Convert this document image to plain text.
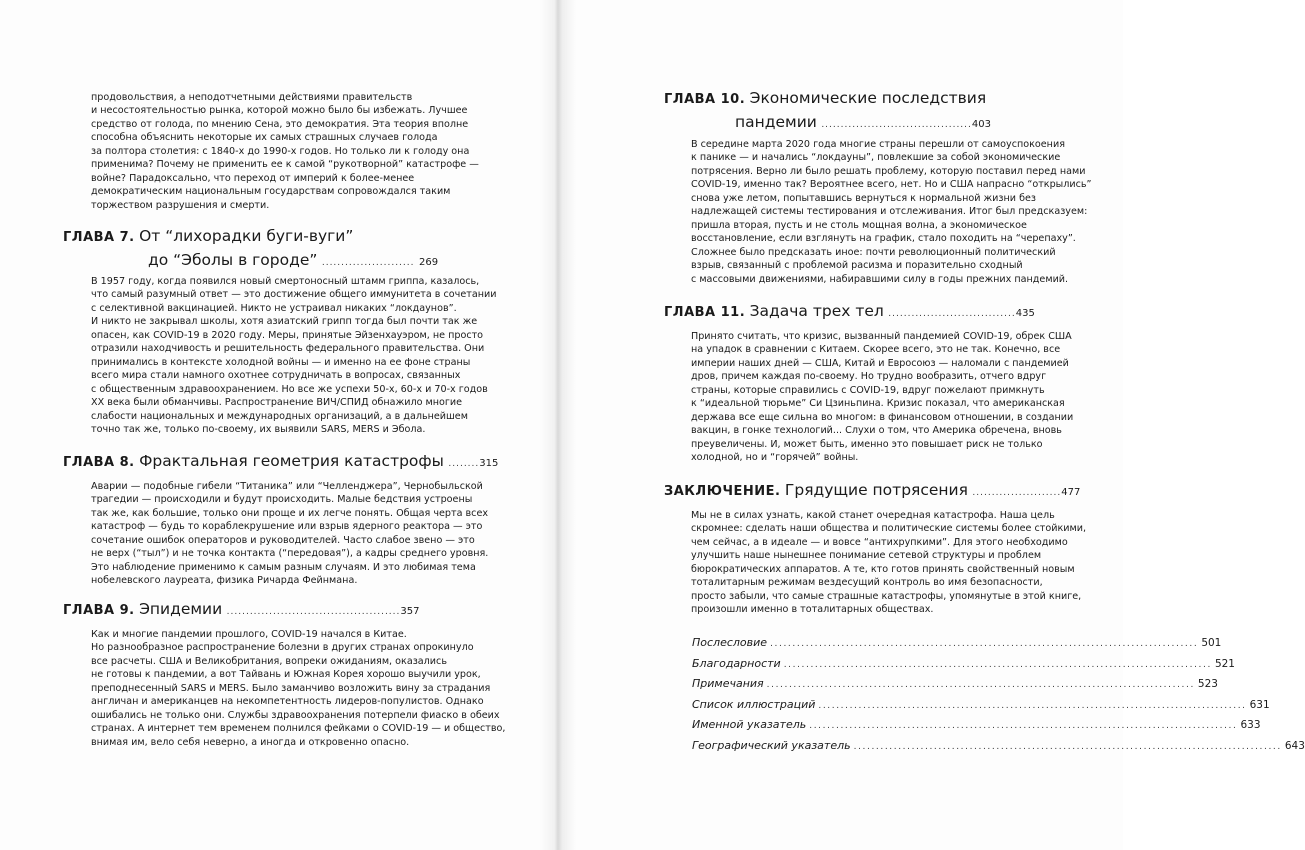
продовольствия, а неподотчетными действиями правительств
и несостоятельностью рынка, которой можно было бы избежать. Лучшее
средство от голода, по мнению Сена, это демократия. Эта теория вполне
способна объяснить некоторые их самых страшных случаев голода
за полтора столетия: с 1840-х до 1990-х годов. Но только ли к голоду она
применима? Почему не применить ее к самой “рукотворной” катастрофе —
войне? Парадоксально, что переход от империй к более-менее
демократическим национальным государствам сопровождался таким
торжеством разрушения и смерти.
ГЛАВА 7. От “лихорадки буги-вуги”
до “Эболы в городе” ........................ 269
В 1957 году, когда появился новый смертоносный штамм гриппа, казалось,
что самый разумный ответ — это достижение общего иммунитета в сочетании
с селективной вакцинацией. Никто не устраивал никаких “локдаунов”.
И никто не закрывал школы, хотя азиатский грипп тогда был почти так же
опасен, как COVID-19 в 2020 году. Меры, принятые Эйзенхауэром, не просто
отразили находчивость и решительность федерального правительства. Они
принимались в контексте холодной войны — и именно на ее фоне страны
всего мира стали намного охотнее сотрудничать в вопросах, связанных
с общественным здравоохранением. Но все же успехи 50-х, 60-х и 70-х годов
XX века были обманчивы. Распространение ВИЧ/СПИД обнажило многие
слабости национальных и международных организаций, а в дальнейшем
точно так же, только по-своему, их выявили SARS, MERS и Эбола.
ГЛАВА 8. Фрактальная геометрия катастрофы ........315
Аварии — подобные гибели “Титаника” или “Челленджера”, Чернобыльской
трагедии — происходили и будут происходить. Малые бедствия устроены
так же, как большие, только они проще и их легче понять. Общая черта всех
катастроф — будь то кораблекрушение или взрыв ядерного реактора — это
сочетание ошибок операторов и руководителей. Часто слабое звено — это
не верх (“тыл”) и не точка контакта (“передовая”), а кадры среднего уровня.
Это наблюдение применимо к самым разным случаям. И это любимая тема
нобелевского лауреата, физика Ричарда Фейнмана.
ГЛАВА 9. Эпидемии .............................................357
Как и многие пандемии прошлого, COVID-19 начался в Китае.
Но разнообразное распространение болезни в других странах опрокинуло
все расчеты. США и Великобритания, вопреки ожиданиям, оказались
не готовы к пандемии, а вот Тайвань и Южная Корея хорошо выучили урок,
преподнесенный SARS и MERS. Было заманчиво возложить вину за страдания
англичан и американцев на некомпетентность лидеров-популистов. Однако
ошибались не только они. Службы здравоохранения потерпели фиаско в обеих
странах. А интернет тем временем полнился фейками о COVID-19 — и общество,
внимая им, вело себя неверно, а иногда и откровенно опасно.
ГЛАВА 10. Экономические последствия
пандемии .......................................403
В середине марта 2020 года многие страны перешли от самоуспокоения
к панике — и начались “локдауны”, повлекшие за собой экономические
потрясения. Верно ли было решать проблему, которую поставил перед нами
COVID-19, именно так? Вероятнее всего, нет. Но и США напрасно “открылись”
снова уже летом, попытавшись вернуться к нормальной жизни без
надлежащей системы тестирования и отслеживания. Итог был предсказуем:
пришла вторая, пусть и не столь мощная волна, а экономическое
восстановление, если взглянуть на график, стало походить на “черепаху”.
Сложнее было предсказать иное: почти революционный политический
взрыв, связанный с проблемой расизма и поразительно сходный
с массовыми движениями, набиравшими силу в годы прежних пандемий.
ГЛАВА 11. Задача трех тел .................................435
Принято считать, что кризис, вызванный пандемией COVID-19, обрек США
на упадок в сравнении с Китаем. Скорее всего, это не так. Конечно, все
империи наших дней — США, Китай и Евросоюз — наломали с пандемией
дров, причем каждая по-своему. Но трудно вообразить, отчего вдруг
страны, которые справились с COVID-19, вдруг пожелают примкнуть
к “идеальной тюрьме” Си Цзиньпина. Кризис показал, что американская
держава все еще сильна во многом: в финансовом отношении, в создании
вакцин, в гонке технологий... Слухи о том, что Америка обречена, вновь
преувеличены. И, может быть, именно это повышает риск не только
холодной, но и “горячей” войны.
ЗАКЛЮЧЕНИЕ. Грядущие потрясения .......................477
Мы не в силах узнать, какой станет очередная катастрофа. Наша цель
скромнее: сделать наши общества и политические системы более стойкими,
чем сейчас, а в идеале — и вовсе “антихрупкими”. Для этого необходимо
улучшить наше нынешнее понимание сетевой структуры и проблем
бюрократических аппаратов. А те, кто готов принять свойственный новым
тоталитарным режимам вездесущий контроль во имя безопасности,
просто забыли, что самые страшные катастрофы, упомянутые в этой книге,
произошли именно в тоталитарных обществах.
Послесловие ................................................................................................ 501
Благодарности ................................................................................................ 521
Примечания ................................................................................................ 523
Список иллюстраций ................................................................................................ 631
Именной указатель ................................................................................................ 633
Географический указатель ................................................................................................ 643
